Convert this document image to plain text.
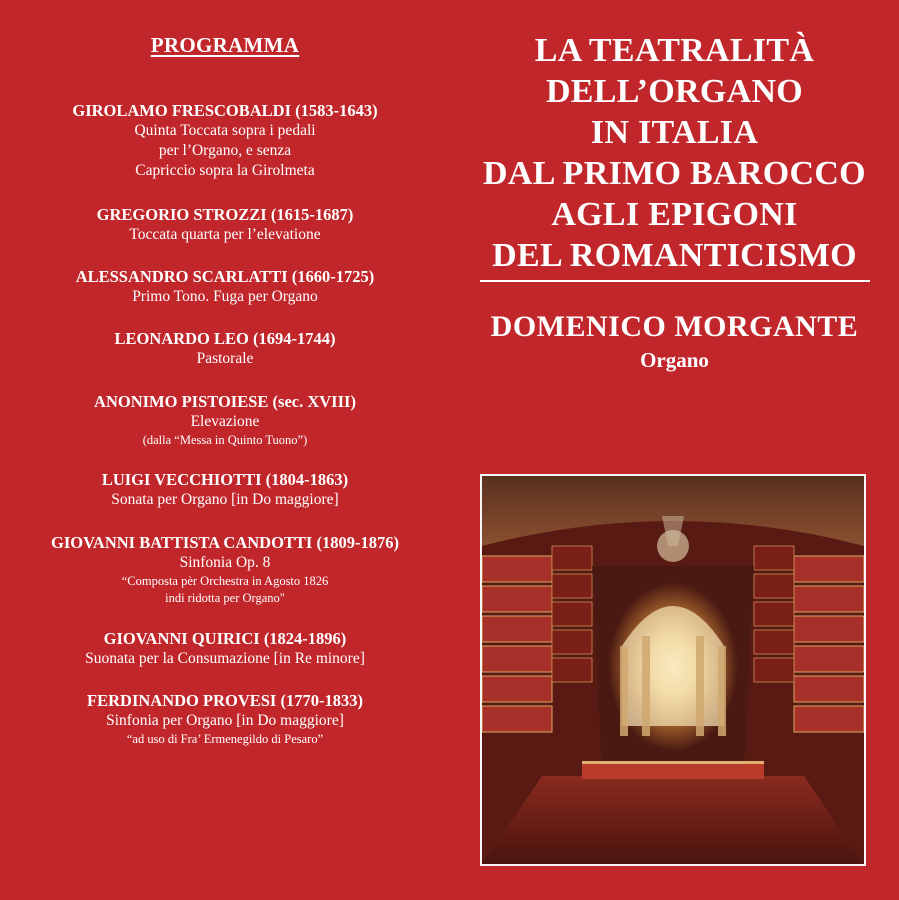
PROGRAMMA
GIROLAMO FRESCOBALDI (1583-1643)
Quinta Toccata sopra i pedali
per l’Organo, e senza
Capriccio sopra la Girolmeta
GREGORIO STROZZI (1615-1687)
Toccata quarta per l’elevatione
ALESSANDRO SCARLATTI (1660-1725)
Primo Tono. Fuga per Organo
LEONARDO LEO (1694-1744)
Pastorale
ANONIMO PISTOIESE (sec. XVIII)
Elevazione
(dalla “Messa in Quinto Tuono”)
LUIGI VECCHIOTTI (1804-1863)
Sonata per Organo [in Do maggiore]
GIOVANNI BATTISTA CANDOTTI (1809-1876)
Sinfonia Op. 8
“Composta pèr Orchestra in Agosto 1826
indi ridotta per Organo"
GIOVANNI QUIRICI (1824-1896)
Suonata per la Consumazione [in Re minore]
FERDINANDO PROVESI (1770-1833)
Sinfonia per Organo [in Do maggiore]
“ad uso di Fra’ Ermenegildo di Pesaro”
LA TEATRALITÀ
DELL’ORGANO
IN ITALIA
DAL PRIMO BAROCCO
AGLI EPIGONI
DEL ROMANTICISMO
DOMENICO MORGANTE
Organo
